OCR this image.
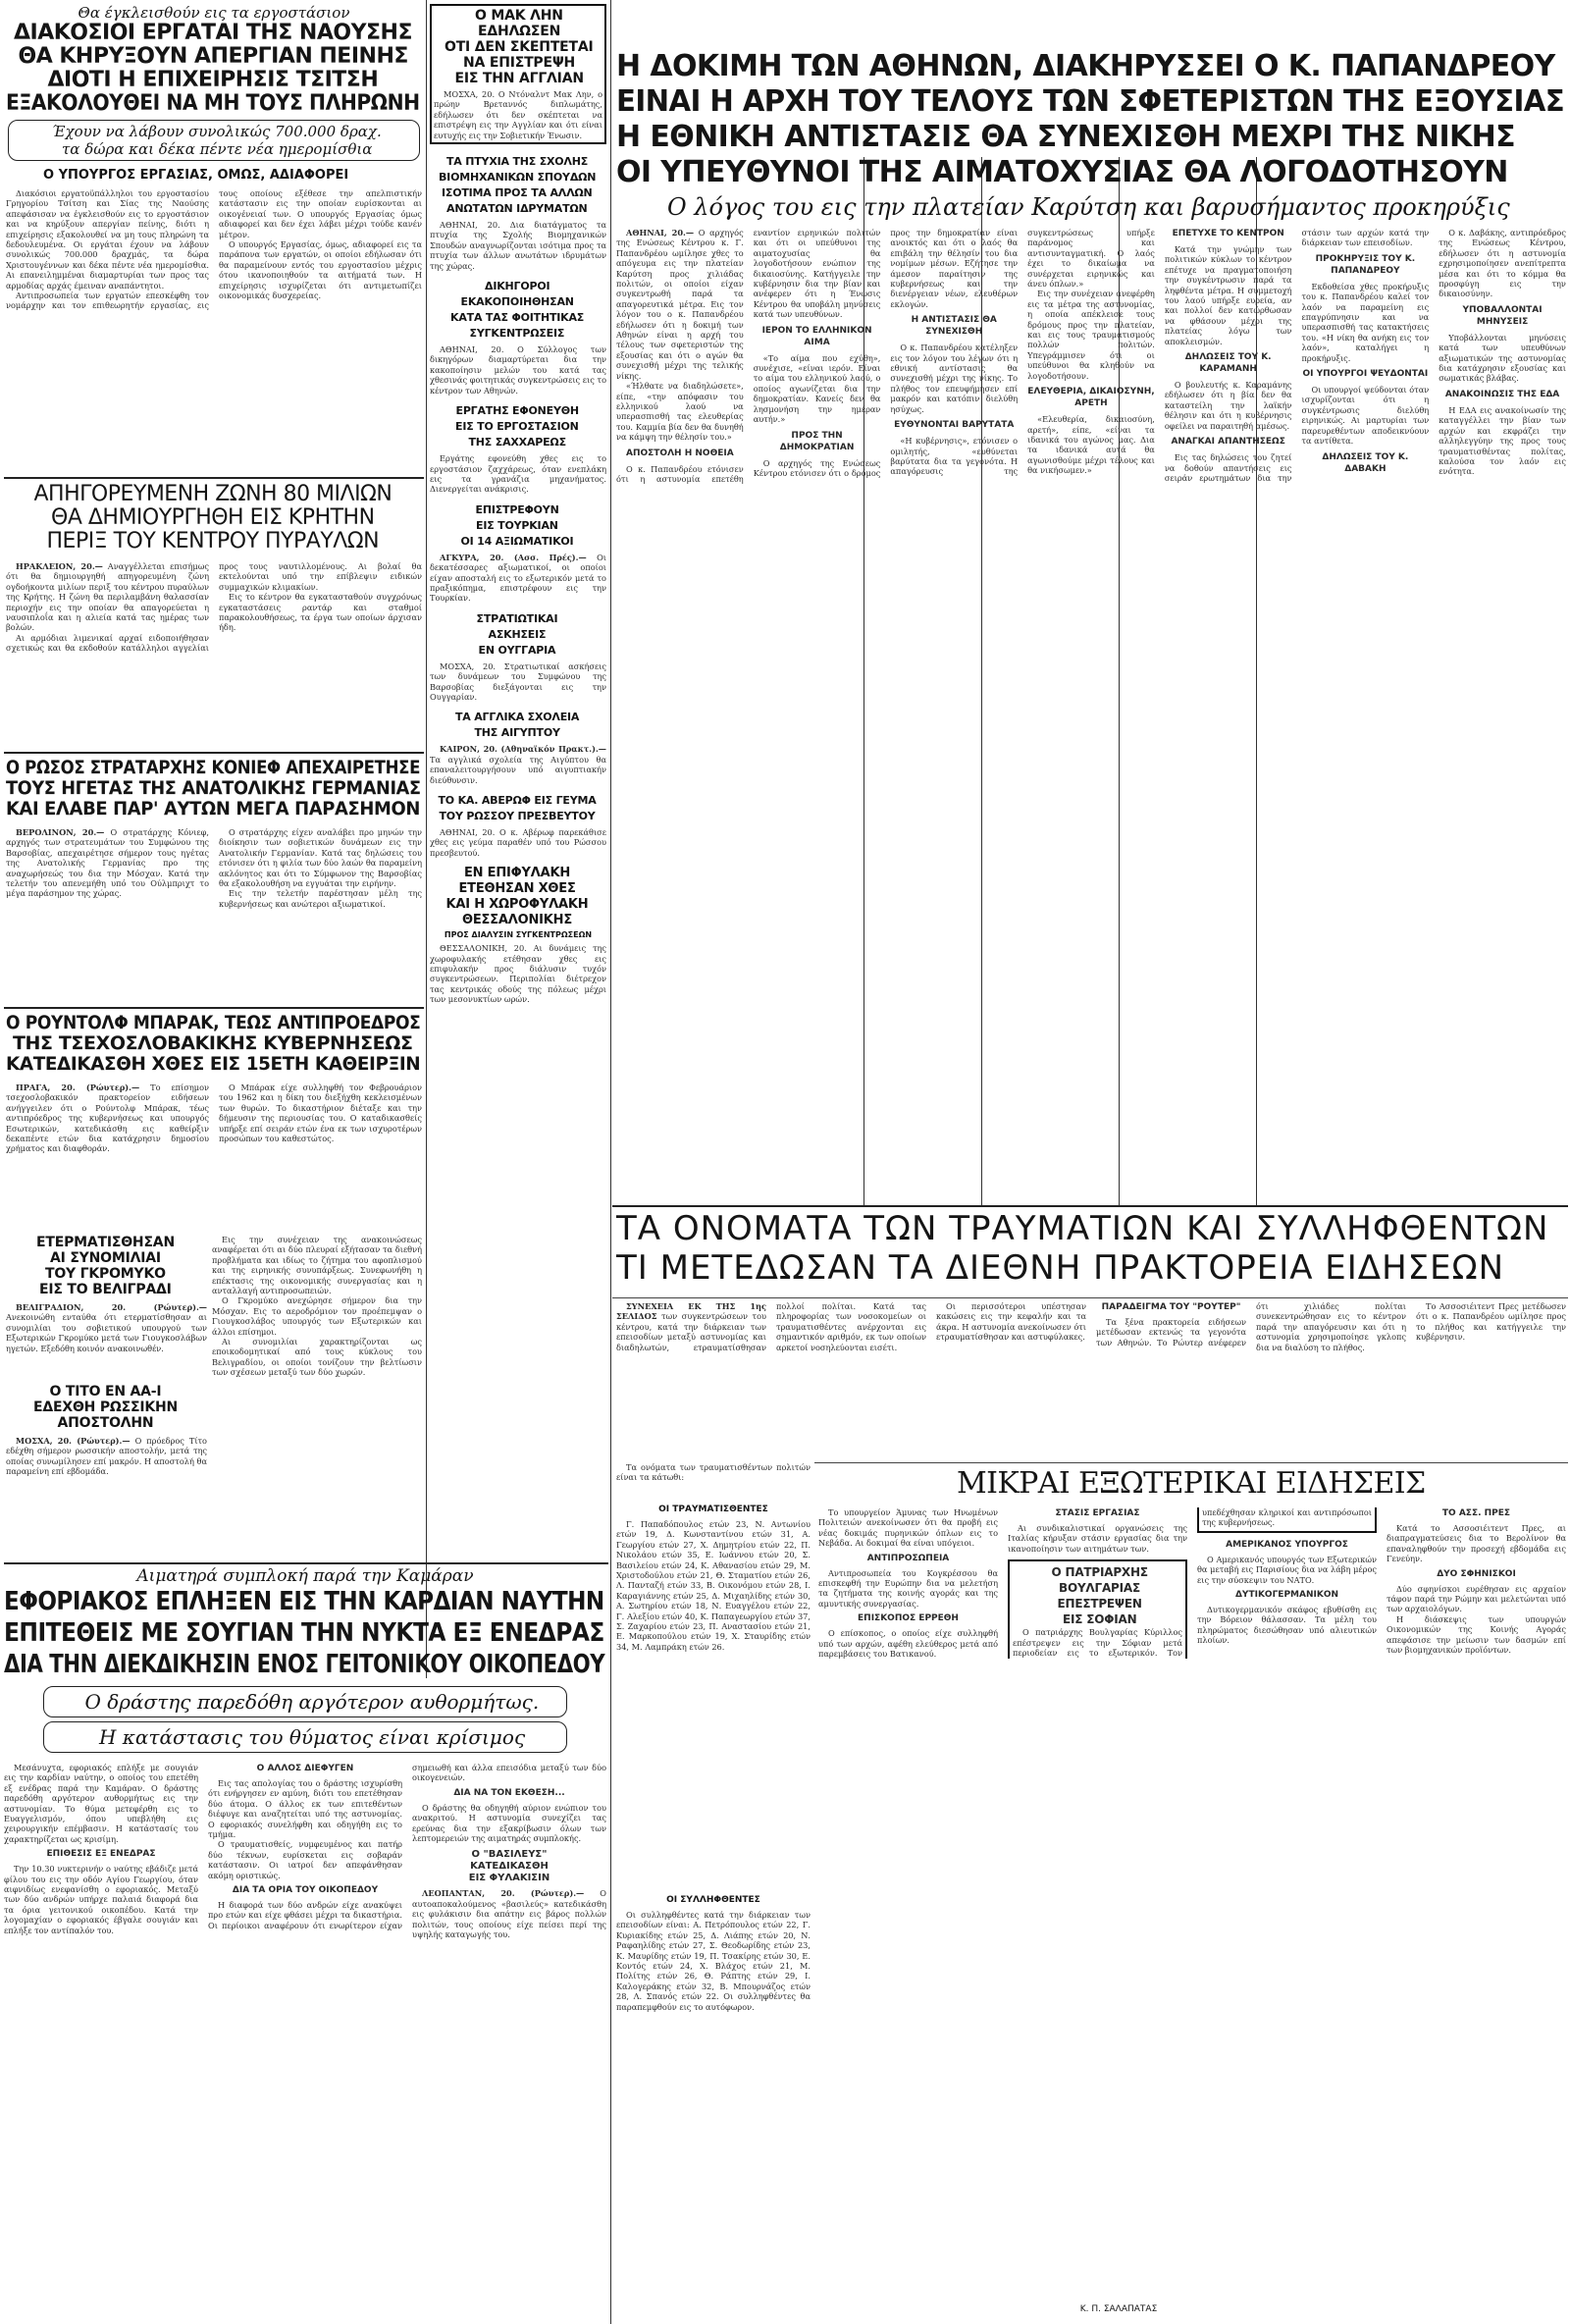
Θα έγκλεισθούν εις τα εργοστάσιον
ΔΙΑΚΟΣΙΟΙ ΕΡΓΑΤΑΙ ΤΗΣ ΝΑΟΥΣΗΣ
ΘΑ ΚΗΡΥΞΟΥΝ ΑΠΕΡΓΙΑΝ ΠΕΙΝΗΣ
ΔΙΟΤΙ Η ΕΠΙΧΕΙΡΗΣΙΣ ΤΣΙΤΣΗ
ΕΞΑΚΟΛΟΥΘΕΙ ΝΑ ΜΗ ΤΟΥΣ ΠΛΗΡΩΝΗ
Έχουν να λάβουν συνολικώς 700.000 δραχ.
τα δώρα και δέκα πέντε νέα ημερομίσθια
Ο ΥΠΟΥΡΓΟΣ ΕΡΓΑΣΙΑΣ, ΟΜΩΣ, ΑΔΙΑΦΟΡΕΙ

Διακόσιοι εργατοϋπάλληλοι του εργοστασίου Γρηγορίου Τσίτση και Σίας της Ναούσης απεφάσισαν να έγκλεισθούν εις το εργοστάσιον και να κηρύξουν απεργίαν πείνης, διότι η επιχείρησις εξακολουθεί να μη τους πληρώνη τα δεδουλευμένα. Οι εργάται έχουν να λάβουν συνολικώς 700.000 δραχμάς, τα δώρα Χριστουγέννων και δέκα πέντε νέα ημερομίσθια. Αι επανειλημμέναι διαμαρτυρίαι των προς τας αρμοδίας αρχάς έμειναν αναπάντητοι.

Αντιπροσωπεία των εργατών επεσκέφθη τον νομάρχην και τον επιθεωρητήν εργασίας, εις τους οποίους εξέθεσε την απελπιστικήν κατάστασιν εις την οποίαν ευρίσκονται αι οικογένειαί των. Ο υπουργός Εργασίας όμως αδιαφορεί και δεν έχει λάβει μέχρι τούδε κανέν μέτρον.

Ο υπουργός Εργασίας, όμως, αδιαφορεί εις τα παράπονα των εργατών, οι οποίοι εδήλωσαν ότι θα παραμείνουν εντός του εργοστασίου μέχρις ότου ικανοποιηθούν τα αιτήματά των. Η επιχείρησις ισχυρίζεται ότι αντιμετωπίζει οικονομικάς δυσχερείας.

ΑΠΗΓΟΡΕΥΜΕΝΗ ΖΩΝΗ 80 ΜΙΛΙΩΝ
ΘΑ ΔΗΜΙΟΥΡΓΗΘΗ ΕΙΣ ΚΡΗΤΗΝ
ΠΕΡΙΞ ΤΟΥ ΚΕΝΤΡΟΥ ΠΥΡΑΥΛΩΝ

ΗΡΑΚΛΕΙΟΝ, 20.— Αναγγέλλεται επισήμως ότι θα δημιουργηθή απηγορευμένη ζώνη ογδοήκοντα μιλίων περιξ του κέντρου πυραύλων της Κρήτης. Η ζώνη θα περιλαμβάνη θαλασσίαν περιοχήν εις την οποίαν θα απαγορεύεται η ναυσιπλοΐα και η αλιεία κατά τας ημέρας των βολών.

Αι αρμόδιαι λιμενικαί αρχαί ειδοποιήθησαν σχετικώς και θα εκδοθούν κατάλληλοι αγγελίαι προς τους ναυτιλλομένους. Αι βολαί θα εκτελούνται υπό την επίβλεψιν ειδικών συμμαχικών κλιμακίων.

Εις το κέντρον θα εγκατασταθούν συγχρόνως εγκαταστάσεις ραντάρ και σταθμοί παρακολουθήσεως, τα έργα των οποίων άρχισαν ήδη.

Ο ΡΩΣΟΣ ΣΤΡΑΤΑΡΧΗΣ ΚΟΝΙΕΦ ΑΠΕΧΑΙΡΕΤΗΣΕ
ΤΟΥΣ ΗΓΕΤΑΣ ΤΗΣ ΑΝΑΤΟΛΙΚΗΣ ΓΕΡΜΑΝΙΑΣ
ΚΑΙ ΕΛΑΒΕ ΠΑΡ' ΑΥΤΩΝ ΜΕΓΑ ΠΑΡΑΣΗΜΟΝ

ΒΕΡΟΛΙΝΟΝ, 20.— Ο στρατάρχης Κόνιεφ, αρχηγός των στρατευμάτων του Συμφώνου της Βαρσοβίας, απεχαιρέτησε σήμερον τους ηγέτας της Ανατολικής Γερμανίας προ της αναχωρήσεώς του δια την Μόσχαν. Κατά την τελετήν του απενεμήθη υπό του Ούλμπριχτ το μέγα παράσημον της χώρας.

Ο στρατάρχης είχεν αναλάβει προ μηνών την διοίκησιν των σοβιετικών δυνάμεων εις την Ανατολικήν Γερμανίαν. Κατά τας δηλώσεις του ετόνισεν ότι η φιλία των δύο λαών θα παραμείνη ακλόνητος και ότι το Σύμφωνον της Βαρσοβίας θα εξακολουθήση να εγγυάται την ειρήνην.

Εις την τελετήν παρέστησαν μέλη της κυβερνήσεως και ανώτεροι αξιωματικοί.

Ο ΡΟΥΝΤΟΛΦ ΜΠΑΡΑΚ, ΤΕΩΣ ΑΝΤΙΠΡΟΕΔΡΟΣ
ΤΗΣ ΤΣΕΧΟΣΛΟΒΑΚΙΚΗΣ ΚΥΒΕΡΝΗΣΕΩΣ
ΚΑΤΕΔΙΚΑΣΘΗ ΧΘΕΣ ΕΙΣ 15ΕΤΗ ΚΑΘΕΙΡΞΙΝ

ΠΡΑΓΑ, 20. (Ρώυτερ).— Το επίσημον τσεχοσλοβακικόν πρακτορείον ειδήσεων ανήγγειλεν ότι ο Ρούντολφ Μπάρακ, τέως αντιπρόεδρος της κυβερνήσεως και υπουργός Εσωτερικών, κατεδικάσθη εις καθείρξιν δεκαπέντε ετών δια κατάχρησιν δημοσίου χρήματος και διαφθοράν.

Ο Μπάρακ είχε συλληφθή τον Φεβρουάριον του 1962 και η δίκη του διεξήχθη κεκλεισμένων των θυρών. Το δικαστήριον διέταξε και την δήμευσιν της περιουσίας του. Ο καταδικασθείς υπήρξε επί σειράν ετών ένα εκ των ισχυροτέρων προσώπων του καθεστώτος.

ΕΤΕΡΜΑΤΙΣΘΗΣΑΝ
ΑΙ ΣΥΝΟΜΙΛΙΑΙ
ΤΟΥ ΓΚΡΟΜΥΚΟ
ΕΙΣ ΤΟ ΒΕΛΙΓΡΑΔΙ

ΒΕΛΙΓΡΑΔΙΟΝ, 20. (Ρώυτερ).— Ανεκοινώθη ενταύθα ότι ετερματίσθησαν αι συνομιλίαι του σοβιετικού υπουργού των Εξωτερικών Γκρομύκο μετά των Γιουγκοσλάβων ηγετών. Εξεδόθη κοινόν ανακοινωθέν.

Ο ΤΙΤΟ ΕΝ ΑΑ-Ι
ΕΔΕΧΘΗ ΡΩΣΣΙΚΗΝ
ΑΠΟΣΤΟΛΗΝ

ΜΟΣΧΑ, 20. (Ρώυτερ).— Ο πρόεδρος Τίτο εδέχθη σήμερον ρωσσικήν αποστολήν, μετά της οποίας συνωμίλησεν επί μακρόν. Η αποστολή θα παραμείνη επί εβδομάδα.

Εις την συνέχειαν της ανακοινώσεως αναφέρεται ότι αι δύο πλευραί εξήτασαν τα διεθνή προβλήματα και ιδίως το ζήτημα του αφοπλισμού και της ειρηνικής συνυπάρξεως. Συνεφωνήθη η επέκτασις της οικονομικής συνεργασίας και η ανταλλαγή αντιπροσωπειών.

Ο Γκρομύκο ανεχώρησε σήμερον δια την Μόσχαν. Εις το αεροδρόμιον τον προέπεμψαν ο Γιουγκοσλάβος υπουργός των Εξωτερικών και άλλοι επίσημοι.

Αι συνομιλίαι χαρακτηρίζονται ως εποικοδομητικαί από τους κύκλους του Βελιγραδίου, οι οποίοι τονίζουν την βελτίωσιν των σχέσεων μεταξύ των δύο χωρών.

Αιματηρά συμπλοκή παρά την Καμάραν
ΕΦΟΡΙΑΚΟΣ ΕΠΛΗΞΕΝ ΕΙΣ ΤΗΝ ΚΑΡΔΙΑΝ ΝΑΥΤΗΝ
ΕΠΙΤΕΘΕΙΣ ΜΕ ΣΟΥΓΙΑΝ ΤΗΝ ΝΥΚΤΑ ΕΞ ΕΝΕΔΡΑΣ
ΔΙΑ ΤΗΝ ΔΙΕΚΔΙΚΗΣΙΝ ΕΝΟΣ ΓΕΙΤΟΝΙΚΟΥ ΟΙΚΟΠΕΔΟΥ
Ο δράστης παρεδόθη αργότερον αυθορμήτως.
Η κατάστασις του θύματος είναι κρίσιμος

Μεσάνυχτα, εφοριακός επλήξε με σουγιάν εις την καρδίαν ναύτην, ο οποίος του επετέθη εξ ενέδρας παρά την Καμάραν. Ο δράστης παρεδόθη αργότερον αυθορμήτως εις την αστυνομίαν. Το θύμα μετεφέρθη εις το Ευαγγελισμόν, όπου υπεβλήθη εις χειρουργικήν επέμβασιν. Η κατάστασίς του χαρακτηρίζεται ως κρισίμη.

ΕΠΙΘΕΣΙΣ ΕΞ ΕΝΕΔΡΑΣ

Την 10.30 νυκτερινήν ο ναύτης εβάδιζε μετά φίλου του εις την οδόν Αγίου Γεωργίου, όταν αιφνιδίως ενεφανίσθη ο εφοριακός. Μεταξύ των δύο ανδρών υπήρχε παλαιά διαφορά δια τα όρια γειτονικού οικοπέδου. Κατά την λογομαχίαν ο εφοριακός έβγαλε σουγιάν και επλήξε τον αντίπαλόν του.

Ο ΑΛΛΟΣ ΔΙΕΦΥΓΕΝ

Εις τας απολογίας του ο δράστης ισχυρίσθη ότι ενήργησεν εν αμύνη, διότι του επετέθησαν δύο άτομα. Ο άλλος εκ των επιτεθέντων διέφυγε και αναζητείται υπό της αστυνομίας. Ο εφοριακός συνελήφθη και οδηγήθη εις το τμήμα.

Ο τραυματισθείς, νυμφευμένος και πατήρ δύο τέκνων, ευρίσκεται εις σοβαράν κατάστασιν. Οι ιατροί δεν απεφάνθησαν ακόμη οριστικώς.

ΔΙΑ ΤΑ ΟΡΙΑ ΤΟΥ ΟΙΚΟΠΕΔΟΥ

Η διαφορά των δύο ανδρών είχε ανακύψει προ ετών και είχε φθάσει μέχρι τα δικαστήρια. Οι περίοικοι αναφέρουν ότι ενωρίτερον είχαν σημειωθή και άλλα επεισόδια μεταξύ των δύο οικογενειών.

ΔΙΑ ΝΑ ΤΟΝ ΕΚΘΕΣΗ...

Ο δράστης θα οδηγηθή αύριον ενώπιον του ανακριτού. Η αστυνομία συνεχίζει τας ερεύνας δια την εξακρίβωσιν όλων των λεπτομερειών της αιματηράς συμπλοκής.

Ο "ΒΑΣΙΛΕΥΣ"
ΚΑΤΕΔΙΚΑΣΘΗ
ΕΙΣ ΦΥΛΑΚΙΣΙΝ

ΛΕΟΠΑΝΤΑΝ, 20. (Ρώυτερ).— Ο αυτοαποκαλούμενος «βασιλεύς» κατεδικάσθη εις φυλάκισιν δια απάτην εις βάρος πολλών πολιτών, τους οποίους είχε πείσει περί της υψηλής καταγωγής του.

Ο ΜΑΚ ΛΗΝ
ΕΔΗΛΩΣΕΝ
ΟΤΙ ΔΕΝ ΣΚΕΠΤΕΤΑΙ
ΝΑ ΕΠΙΣΤΡΕΨΗ
ΕΙΣ ΤΗΝ ΑΓΓΛΙΑΝ

ΜΟΣΧΑ, 20. Ο Ντόναλντ Μακ Λην, ο πρώην Βρεταννός διπλωμάτης, εδήλωσεν ότι δεν σκέπτεται να επιστρέψη εις την Αγγλίαν και ότι είναι ευτυχής εις την Σοβιετικήν Ένωσιν.

ΤΑ ΠΤΥΧΙΑ ΤΗΣ ΣΧΟΛΗΣ
ΒΙΟΜΗΧΑΝΙΚΩΝ ΣΠΟΥΔΩΝ
ΙΣΟΤΙΜΑ ΠΡΟΣ ΤΑ ΑΛΛΩΝ
ΑΝΩΤΑΤΩΝ ΙΔΡΥΜΑΤΩΝ

ΑΘΗΝΑΙ, 20. Δια διατάγματος τα πτυχία της Σχολής Βιομηχανικών Σπουδών αναγνωρίζονται ισότιμα προς τα πτυχία των άλλων ανωτάτων ιδρυμάτων της χώρας.

ΔΙΚΗΓΟΡΟΙ
ΕΚΑΚΟΠΟΙΗΘΗΣΑΝ
ΚΑΤΑ ΤΑΣ ΦΟΙΤΗΤΙΚΑΣ
ΣΥΓΚΕΝΤΡΩΣΕΙΣ

ΑΘΗΝΑΙ, 20. Ο Σύλλογος των δικηγόρων διαμαρτύρεται δια την κακοποίησιν μελών του κατά τας χθεσινάς φοιτητικάς συγκεντρώσεις εις το κέντρον των Αθηνών.

ΕΡΓΑΤΗΣ ΕΦΟΝΕΥΘΗ
ΕΙΣ ΤΟ ΕΡΓΟΣΤΑΣΙΟΝ
ΤΗΣ ΣΑΧΧΑΡΕΩΣ

Εργάτης εφονεύθη χθες εις το εργοστάσιον ζαχχάρεως, όταν ενεπλάκη εις τα γρανάζια μηχανήματος. Διενεργείται ανάκρισις.

ΕΠΙΣΤΡΕΦΟΥΝ
ΕΙΣ ΤΟΥΡΚΙΑΝ
ΟΙ 14 ΑΞΙΩΜΑΤΙΚΟΙ

ΑΓΚΥΡΑ, 20. (Ασσ. Πρές).— Οι δεκατέσσαρες αξιωματικοί, οι οποίοι είχαν αποσταλή εις το εξωτερικόν μετά το πραξικόπημα, επιστρέφουν εις την Τουρκίαν.

ΣΤΡΑΤΙΩΤΙΚΑΙ
ΑΣΚΗΣΕΙΣ
ΕΝ ΟΥΓΓΑΡΙΑ

ΜΟΣΧΑ, 20. Στρατιωτικαί ασκήσεις των δυνάμεων του Συμφώνου της Βαρσοβίας διεξάγονται εις την Ουγγαρίαν.

ΤΑ ΑΓΓΛΙΚΑ ΣΧΟΛΕΙΑ
ΤΗΣ ΑΙΓΥΠΤΟΥ

ΚΑΙΡΟΝ, 20. (Αθηναϊκόν Πρακτ.).— Τα αγγλικά σχολεία της Αιγύπτου θα επαναλειτουργήσουν υπό αιγυπτιακήν διεύθυνσιν.

ΤΟ ΚΑ. ΑΒΕΡΩΦ ΕΙΣ ΓΕΥΜΑ
ΤΟΥ ΡΩΣΣΟΥ ΠΡΕΣΒΕΥΤΟΥ

ΑΘΗΝΑΙ, 20. Ο κ. Αβέρωφ παρεκάθισε χθες εις γεύμα παραθέν υπό του Ρώσσου πρεσβευτού.

ΕΝ ΕΠΙΦΥΛΑΚΗ
ΕΤΕΘΗΣΑΝ ΧΘΕΣ
ΚΑΙ Η ΧΩΡΟΦΥΛΑΚΗ
ΘΕΣΣΑΛΟΝΙΚΗΣ
ΠΡΟΣ ΔΙΑΛΥΣΙΝ ΣΥΓΚΕΝΤΡΩΣΕΩΝ

ΘΕΣΣΑΛΟΝΙΚΗ, 20. Αι δυνάμεις της χωροφυλακής ετέθησαν χθες εις επιφυλακήν προς διάλυσιν τυχόν συγκεντρώσεων. Περιπολίαι διέτρεχον τας κεντρικάς οδούς της πόλεως μέχρι των μεσονυκτίων ωρών.

Η ΔΟΚΙΜΗ ΤΩΝ ΑΘΗΝΩΝ, ΔΙΑΚΗΡΥΣΣΕΙ Ο Κ. ΠΑΠΑΝΔΡΕΟΥ
ΕΙΝΑΙ Η ΑΡΧΗ ΤΟΥ ΤΕΛΟΥΣ ΤΩΝ ΣΦΕΤΕΡΙΣΤΩΝ ΤΗΣ ΕΞΟΥΣΙΑΣ
Η ΕΘΝΙΚΗ ΑΝΤΙΣΤΑΣΙΣ ΘΑ ΣΥΝΕΧΙΣΘΗ ΜΕΧΡΙ ΤΗΣ ΝΙΚΗΣ
ΟΙ ΥΠΕΥΘΥΝΟΙ ΤΗΣ ΑΙΜΑΤΟΧΥΣΙΑΣ ΘΑ ΛΟΓΟΔΟΤΗΣΟΥΝ
Ο λόγος του εις την πλατείαν Καρύτση και βαρυσήμαντος προκηρύξις

ΑΘΗΝΑΙ, 20.— Ο αρχηγός της Ενώσεως Κέντρου κ. Γ. Παπανδρέου ωμίλησε χθες το απόγευμα εις την πλατείαν Καρύτση προς χιλιάδας πολιτών, οι οποίοι είχαν συγκεντρωθή παρά τα απαγορευτικά μέτρα. Εις τον λόγον του ο κ. Παπανδρέου εδήλωσεν ότι η δοκιμή των Αθηνών είναι η αρχή του τέλους των σφετεριστών της εξουσίας και ότι ο αγών θα συνεχισθή μέχρι της τελικής νίκης.

«Ήλθατε να διαδηλώσετε», είπε, «την απόφασιν του ελληνικού λαού να υπερασπισθή τας ελευθερίας του. Καμμία βία δεν θα δυνηθή να κάμψη την θέλησίν του.»

ΑΠΟΣΤΟΛΗ Η ΝΟΘΕΙΑ

Ο κ. Παπανδρέου ετόνισεν ότι η αστυνομία επετέθη εναντίον ειρηνικών πολιτών και ότι οι υπεύθυνοι της αιματοχυσίας θα λογοδοτήσουν ενώπιον της δικαιοσύνης. Κατήγγειλε την κυβέρνησιν δια την βίαν και ανέφερεν ότι η Ένωσις Κέντρου θα υποβάλη μηνύσεις κατά των υπευθύνων.

ΙΕΡΟΝ ΤΟ ΕΛΛΗΝΙΚΟΝ ΑΙΜΑ

«Το αίμα που εχύθη», συνέχισε, «είναι ιερόν. Είναι το αίμα του ελληνικού λαού, ο οποίος αγωνίζεται δια την δημοκρατίαν. Κανείς δεν θα λησμονήση την ημέραν αυτήν.»

ΠΡΟΣ ΤΗΝ ΔΗΜΟΚΡΑΤΙΑΝ

Ο αρχηγός της Ενώσεως Κέντρου ετόνισεν ότι ο δρόμος προς την δημοκρατίαν είναι ανοικτός και ότι ο λαός θα επιβάλη την θέλησίν του δια νομίμων μέσων. Εζήτησε την άμεσον παραίτησιν της κυβερνήσεως και την διενέργειαν νέων, ελευθέρων εκλογών.

Η ΑΝΤΙΣΤΑΣΙΣ ΘΑ ΣΥΝΕΧΙΣΘΗ

Ο κ. Παπανδρέου κατέληξεν εις τον λόγον του λέγων ότι η εθνική αντίστασις θα συνεχισθή μέχρι της νίκης. Το πλήθος τον επευφήμησεν επί μακρόν και κατόπιν διελύθη ησύχως.

ΕΥΘΥΝΟΝΤΑΙ ΒΑΡΥΤΑΤΑ

«Η κυβέρνησις», ετόνισεν ο ομιλητής, «ευθύνεται βαρύτατα δια τα γεγονότα. Η απαγόρευσις της συγκεντρώσεως υπήρξε παράνομος και αντισυνταγματική. Ο λαός έχει το δικαίωμα να συνέρχεται ειρηνικώς και άνευ όπλων.»

Εις την συνέχειαν ανεφέρθη εις τα μέτρα της αστυνομίας, η οποία απέκλεισε τους δρόμους προς την πλατείαν, και εις τους τραυματισμούς πολλών πολιτών. Υπεγράμμισεν ότι οι υπεύθυνοι θα κληθούν να λογοδοτήσουν.

ΕΛΕΥΘΕΡΙΑ, ΔΙΚΑΙΟΣΥΝΗ, ΑΡΕΤΗ

«Ελευθερία, δικαιοσύνη, αρετή», είπε, «είναι τα ιδανικά του αγώνος μας. Δια τα ιδανικά αυτά θα αγωνισθούμε μέχρι τέλους και θα νικήσωμεν.»

ΕΠΕΤΥΧΕ ΤΟ ΚΕΝΤΡΟΝ

Κατά την γνώμην των πολιτικών κύκλων το κέντρον επέτυχε να πραγματοποιήση την συγκέντρωσιν παρά τα ληφθέντα μέτρα. Η συμμετοχή του λαού υπήρξε ευρεία, αν και πολλοί δεν κατώρθωσαν να φθάσουν μέχρι της πλατείας λόγω των αποκλεισμών.

ΔΗΛΩΣΕΙΣ ΤΟΥ Κ. ΚΑΡΑΜΑΝΗ

Ο βουλευτής κ. Καραμάνης εδήλωσεν ότι η βία δεν θα καταστείλη την λαϊκήν θέλησιν και ότι η κυβέρνησις οφείλει να παραιτηθή αμέσως.

ΑΝΑΓΚΑΙ ΑΠΑΝΤΗΣΕΩΣ

Εις τας δηλώσεις του ζητεί να δοθούν απαντήσεις εις σειράν ερωτημάτων δια την στάσιν των αρχών κατά την διάρκειαν των επεισοδίων.

ΠΡΟΚΗΡΥΞΙΣ ΤΟΥ Κ. ΠΑΠΑΝΔΡΕΟΥ

Εκδοθείσα χθες προκήρυξις του κ. Παπανδρέου καλεί τον λαόν να παραμείνη εις επαγρύπνησιν και να υπερασπισθή τας κατακτήσεις του. «Η νίκη θα ανήκη εις τον λαόν», καταλήγει η προκήρυξις.

ΟΙ ΥΠΟΥΡΓΟΙ ΨΕΥΔΟΝΤΑΙ

Οι υπουργοί ψεύδονται όταν ισχυρίζονται ότι η συγκέντρωσις διελύθη ειρηνικώς. Αι μαρτυρίαι των παρευρεθέντων αποδεικνύουν τα αντίθετα.

ΔΗΛΩΣΕΙΣ ΤΟΥ Κ. ΔΑΒΑΚΗ

Ο κ. Δαβάκης, αντιπρόεδρος της Ενώσεως Κέντρου, εδήλωσεν ότι η αστυνομία εχρησιμοποίησεν ανεπίτρεπτα μέσα και ότι το κόμμα θα προσφύγη εις την δικαιοσύνην.

ΥΠΟΒΑΛΛΟΝΤΑΙ ΜΗΝΥΣΕΙΣ

Υποβάλλονται μηνύσεις κατά των υπευθύνων αξιωματικών της αστυνομίας δια κατάχρησιν εξουσίας και σωματικάς βλάβας.

ΑΝΑΚΟΙΝΩΣΙΣ ΤΗΣ ΕΔΑ

Η ΕΔΑ εις ανακοίνωσίν της καταγγέλλει την βίαν των αρχών και εκφράζει την αλληλεγγύην της προς τους τραυματισθέντας πολίτας, καλούσα τον λαόν εις ενότητα.

ΤΑ ΟΝΟΜΑΤΑ ΤΩΝ ΤΡΑΥΜΑΤΙΩΝ ΚΑΙ ΣΥΛΛΗΦΘΕΝΤΩΝ
ΤΙ ΜΕΤΕΔΩΣΑΝ ΤΑ ΔΙΕΘΝΗ ΠΡΑΚΤΟΡΕΙΑ ΕΙΔΗΣΕΩΝ

ΣΥΝΕΧΕΙΑ ΕΚ ΤΗΣ 1ης ΣΕΛΙΔΟΣ των συγκεντρώσεων του κέντρου, κατά την διάρκειαν των επεισοδίων μεταξύ αστυνομίας και διαδηλωτών, ετραυματίσθησαν πολλοί πολίται. Κατά τας πληροφορίας των νοσοκομείων οι τραυματισθέντες ανέρχονται εις σημαντικόν αριθμόν, εκ των οποίων αρκετοί νοσηλεύονται εισέτι.

Οι περισσότεροι υπέστησαν κακώσεις εις την κεφαλήν και τα άκρα. Η αστυνομία ανεκοίνωσεν ότι ετραυματίσθησαν και αστυφύλακες.

ΠΑΡΑΔΕΙΓΜΑ ΤΟΥ "ΡΟΥΤΕΡ"

Τα ξένα πρακτορεία ειδήσεων μετέδωσαν εκτενώς τα γεγονότα των Αθηνών. Το Ρώυτερ ανέφερεν ότι χιλιάδες πολίται συνεκεντρώθησαν εις το κέντρον παρά την απαγόρευσιν και ότι η αστυνομία χρησιμοποίησε γκλοπς δια να διαλύση το πλήθος.

Το Ασσοσιέιτεντ Πρες μετέδωσεν ότι ο κ. Παπανδρέου ωμίλησε προς το πλήθος και κατήγγειλε την κυβέρνησιν.

Τα ονόματα των τραυματισθέντων πολιτών είναι τα κάτωθι:

ΟΙ ΤΡΑΥΜΑΤΙΣΘΕΝΤΕΣ

Γ. Παπαδόπουλος ετών 23, Ν. Αντωνίου ετών 19, Δ. Κωνσταντίνου ετών 31, Α. Γεωργίου ετών 27, Χ. Δημητρίου ετών 22, Π. Νικολάου ετών 35, Ε. Ιωάννου ετών 20, Σ. Βασιλείου ετών 24, Κ. Αθανασίου ετών 29, Μ. Χριστοδούλου ετών 21, Θ. Σταματίου ετών 26, Λ. Πανταζή ετών 33, Β. Οικονόμου ετών 28, Ι. Καραγιάννης ετών 25, Δ. Μιχαηλίδης ετών 30, Α. Σωτηρίου ετών 18, Ν. Ευαγγέλου ετών 22, Γ. Αλεξίου ετών 40, Κ. Παπαγεωργίου ετών 37, Σ. Ζαχαρίου ετών 23, Π. Αναστασίου ετών 21, Ε. Μαρκοπούλου ετών 19, Χ. Σταυρίδης ετών 34, Μ. Λαμπράκη ετών 26.

ΟΙ ΣΥΛΛΗΦΘΕΝΤΕΣ

Οι συλληφθέντες κατά την διάρκειαν των επεισοδίων είναι: Α. Πετρόπουλος ετών 22, Γ. Κυριακίδης ετών 25, Δ. Λιάπης ετών 20, Ν. Ραφαηλίδης ετών 27, Σ. Θεοδωρίδης ετών 23, Κ. Μαυρίδης ετών 19, Π. Τσακίρης ετών 30, Ε. Κοντός ετών 24, Χ. Βλάχος ετών 21, Μ. Πολίτης ετών 26, Θ. Ράπτης ετών 29, Ι. Καλογεράκης ετών 32, Β. Μπουρνάζος ετών 28, Λ. Σπανός ετών 22. Οι συλληφθέντες θα παραπεμφθούν εις το αυτόφωρον.

ΜΙΚΡΑΙ ΕΞΩΤΕΡΙΚΑΙ ΕΙΔΗΣΕΙΣ

Το υπουργείον Άμυνας των Ηνωμένων Πολιτειών ανεκοίνωσεν ότι θα προβή εις νέας δοκιμάς πυρηνικών όπλων εις το Νεβάδα. Αι δοκιμαί θα είναι υπόγειοι.

ΑΝΤΙΠΡΟΣΩΠΕΙΑ

Αντιπροσωπεία του Κογκρέσσου θα επισκεφθή την Ευρώπην δια να μελετήση τα ζητήματα της κοινής αγοράς και της αμυντικής συνεργασίας.

ΕΠΙΣΚΟΠΟΣ ΕΡΡΕΘΗ

Ο επίσκοπος, ο οποίος είχε συλληφθή υπό των αρχών, αφέθη ελεύθερος μετά από παρεμβάσεις του Βατικανού.

ΣΤΑΣΙΣ ΕΡΓΑΣΙΑΣ

Αι συνδικαλιστικαί οργανώσεις της Ιταλίας κήρυξαν στάσιν εργασίας δια την ικανοποίησιν των αιτημάτων των.

Ο ΠΑΤΡΙΑΡΧΗΣ
ΒΟΥΛΓΑΡΙΑΣ
ΕΠΕΣΤΡΕΨΕΝ
ΕΙΣ ΣΟΦΙΑΝ

Ο πατριάρχης Βουλγαρίας Κύριλλος επέστρεψεν εις την Σόφιαν μετά περιοδείαν εις το εξωτερικόν. Τον υπεδέχθησαν κληρικοί και αντιπρόσωποι της κυβερνήσεως.

ΑΜΕΡΙΚΑΝΟΣ ΥΠΟΥΡΓΟΣ

Ο Αμερικανός υπουργός των Εξωτερικών θα μεταβή εις Παρισίους δια να λάβη μέρος εις την σύσκεψιν του ΝΑΤΟ.

ΔΥΤΙΚΟΓΕΡΜΑΝΙΚΟΝ

Δυτικογερμανικόν σκάφος εβυθίσθη εις την Βόρειον θάλασσαν. Τα μέλη του πληρώματος διεσώθησαν υπό αλιευτικών πλοίων.

ΤΟ ΑΣΣ. ΠΡΕΣ

Κατά το Ασσοσιέιτεντ Πρες, αι διαπραγματεύσεις δια το Βερολίνον θα επαναληφθούν την προσεχή εβδομάδα εις Γενεύην.

ΔΥΟ ΣΦΗΝΙΣΚΟΙ

Δύο σφηνίσκοι ευρέθησαν εις αρχαίον τάφον παρά την Ρώμην και μελετώνται υπό των αρχαιολόγων.

Η διάσκεψις των υπουργών Οικονομικών της Κοινής Αγοράς απεφάσισε την μείωσιν των δασμών επί των βιομηχανικών προϊόντων.

Κ. Π. ΣΑΛΑΠΑΤΑΣ
